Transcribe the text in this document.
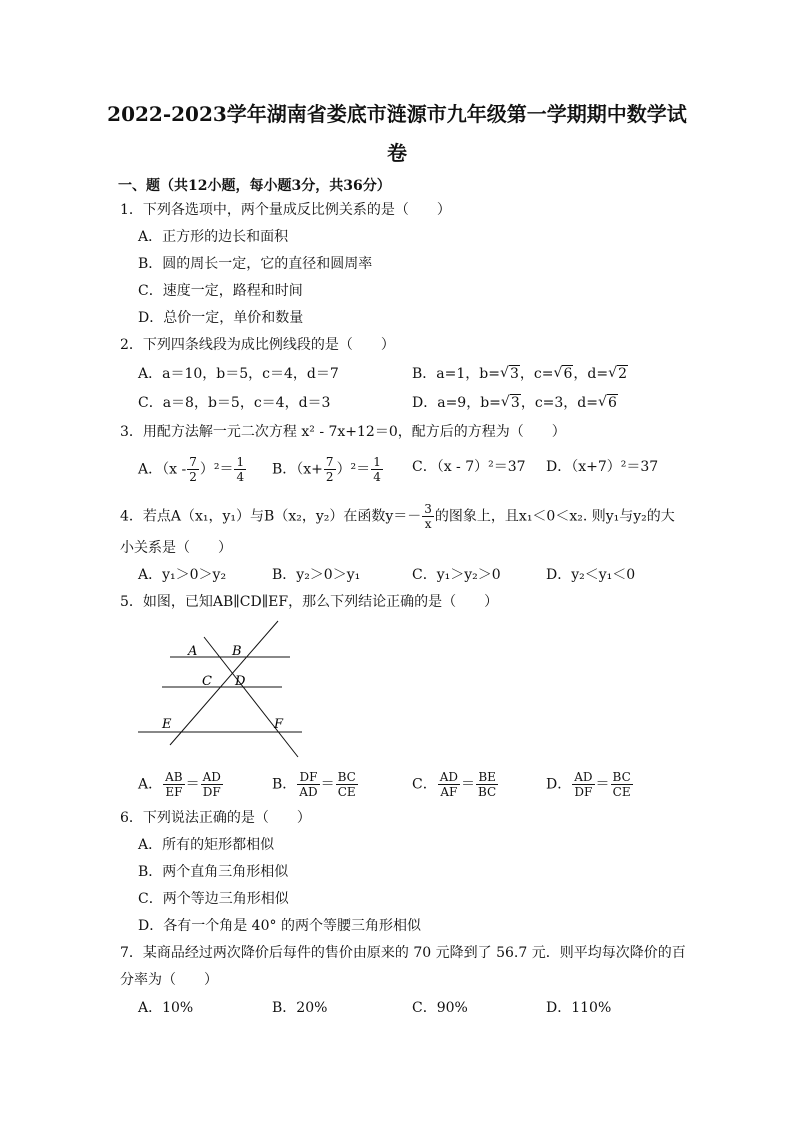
2022-2023学年湖南省娄底市涟源市九年级第一学期期中数学试
卷
一、题（共12小题，每小题3分，共36分）
1．下列各选项中，两个量成反比例关系的是（　　）
A．正方形的边长和面积
B．圆的周长一定，它的直径和圆周率
C．速度一定，路程和时间
D．总价一定，单价和数量
2．下列四条线段为成比例线段的是（　　）
A．a＝10，b＝5，c＝4，d＝7	B．a=1，b= √ 3，c= √ 6，d= √ 2
C．a＝8，b＝5，c＝4，d＝3	D．a=9，b= √ 3，c=3，d= √ 6
3．用配方法解一元二次方程 x² - 7x+12＝0，配方后的方程为（　　）
A．$(x - \frac{7}{2} )^2= \frac{1}{4}$ B．$(x+ \frac{7}{2} )^2= \frac{1}{4}$ C．（x - 7）²＝37 D．（x+7）²＝37
4．若点A（x₁，y₁）与B（x₂，y₂）在函数$y=- \frac{3}{x}$ 的图象上，且x₁＜0＜x₂. 则y₁与y₂的大
小关系是（　　）
A．y₁＞0＞y₂	B．y₂＞0＞y₁	C．y₁＞y₂＞0	D．y₂＜y₁＜0
5．如图，已知AB∥CD∥EF，那么下列结论正确的是（　　）
A	B
C D
E	F
A． $\frac{AB}{EF} = \frac{AD}{DF}$	B． $\frac{DF}{AD} = \frac{BC}{CE}$	C． $\frac{AD}{AF} = \frac{BE}{BC}$	D． $\frac{AD}{DF} = \frac{BC}{CE}$
6．下列说法正确的是（　　）
A．所有的矩形都相似
B．两个直角三角形相似
C．两个等边三角形相似
D．各有一个角是 40° 的两个等腰三角形相似
7．某商品经过两次降价后每件的售价由原来的 70 元降到了 56.7 元．则平均每次降价的百
分率为（　　）
A．10%	B．20%	C．90%	D．110%
